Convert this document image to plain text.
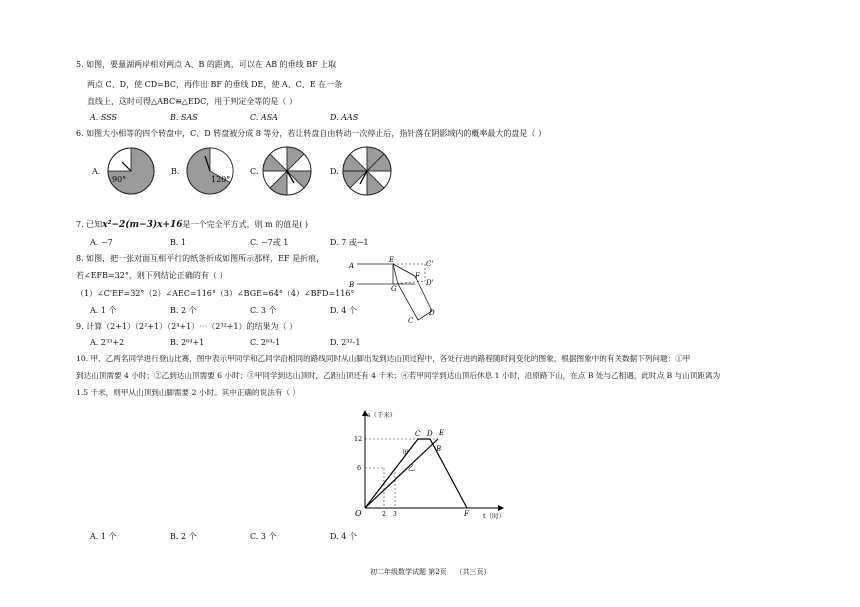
5. 如图，要量湖两岸相对两点 A、B 的距离，可以在 AB 的垂线 BF 上取
两点 C、D，使 CD=BC，再作出 BF 的垂线 DE，使 A、C、E 在一条
直线上，这时可得△ABC≌△EDC，用于判定全等的是（ ）
A. SSS	B. SAS	C. ASA	D. AAS
6. 如图大小相等的四个转盘中，C、D 转盘被分成 8 等分，若让转盘自由转动一次停止后，指针落在阴影域内的概率最大的盘是（ ）
A.
90°
B.
120°
C.	D.
7. 已知x²−2(m−3)x+16是一个完全平方式，则 m 的值是( )
A. −7	B. 1	C. −7或 1	D. 7 或−1
8. 如图，把一张对面互相平行的纸条折成如图所示那样，EF 是折痕，
若∠EFB=32°，则下列结论正确的有（ ）
（1）∠C'EF=32°（2）∠AEC=116°（3）∠BGE=64°（4）∠BFD=116°
A. 1 个	B. 2 个	C. 3 个	D. 4 个
A
B
E	C'
F
G
D'
C
D
9. 计算（2+1）（2²+1）（2⁴+1）⋯（2³²+1）的结果为（ ）
A. 2³³+2	B. 2⁶⁴+1	C. 2⁶⁴-1	D. 2³²-1
10. 甲、乙两名同学进行登山比赛，图中表示甲同学和乙同学沿相同的路线同时从山脚出发到达山顶过程中，各处行进的路程随时间变化的图象，根据图象中的有关数据下列问题：①甲
到达山顶需要 4 小时；②乙到达山顶需要 6 小时；③甲同学到达山顶时，乙距山顶还有 4 千米；④若甲同学到达山顶后休息 1 小时，沿原路下山，在点 B 处与乙相遇，此时点 B 与山顶距离为
1.5 千米，则甲从山顶到山脚需要 2 小时。其中正确的说法有（ ）
s（千米）
t（时）
12
6
2 3
O
C D E
B
F
甲
乙
A. 1 个	B. 2 个	C. 3 个	D. 4 个
初二年级数学试题 第2页 （共三页）
